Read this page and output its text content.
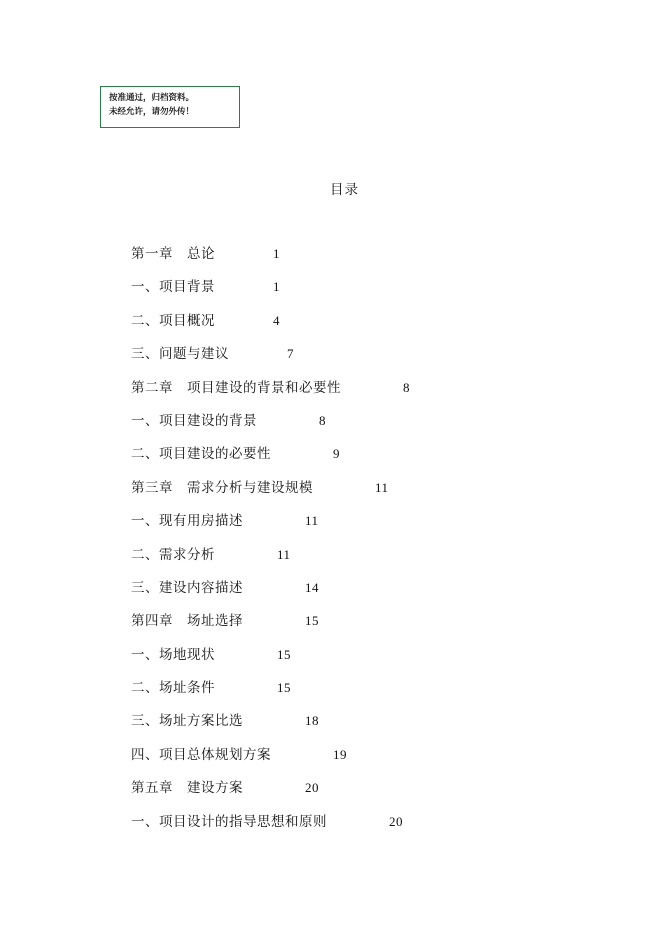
按准通过，归档资料。
未经允许，请勿外传！
目录
第一章　总论	1
一、项目背景	1
二、项目概况	4
三、问题与建议	7
第二章　项目建设的背景和必要性	8
一、项目建设的背景	8
二、项目建设的必要性	9
第三章　需求分析与建设规模	11
一、现有用房描述	11
二、需求分析	11
三、建设内容描述	14
第四章　场址选择	15
一、场地现状	15
二、场址条件	15
三、场址方案比选	18
四、项目总体规划方案	19
第五章　建设方案	20
一、项目设计的指导思想和原则	20
